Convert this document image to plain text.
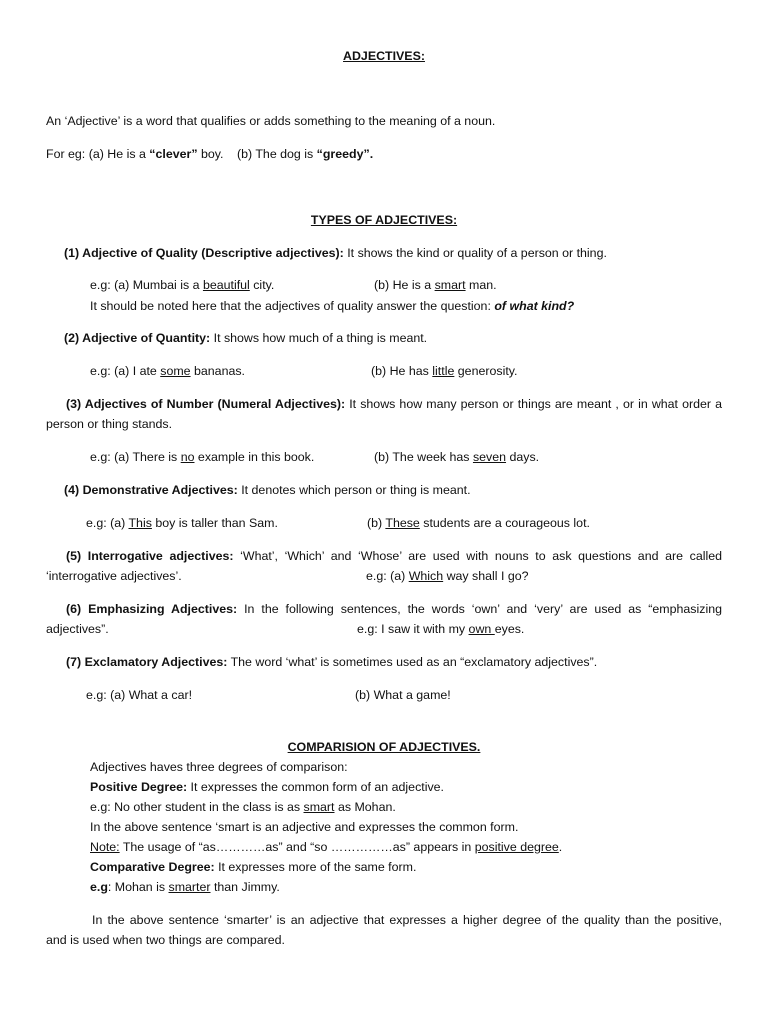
ADJECTIVES:
An ‘Adjective’ is a word that qualifies or adds something to the meaning of a noun.
For eg: (a) He is a “clever” boy. (b) The dog is “greedy”.
TYPES OF ADJECTIVES:
(1) Adjective of Quality (Descriptive adjectives): It shows the kind or quality of a person or thing.
e.g: (a) Mumbai is a beautiful city.	(b) He is a smart man.
It should be noted here that the adjectives of quality answer the question: of what kind?
(2) Adjective of Quantity: It shows how much of a thing is meant.
e.g: (a) I ate some bananas.	(b) He has little generosity.
(3) Adjectives of Number (Numeral Adjectives): It shows how many person or things are meant , or in what order a
person or thing stands.
e.g: (a) There is no example in this book.	(b) The week has seven days.
(4) Demonstrative Adjectives: It denotes which person or thing is meant.
e.g: (a) This boy is taller than Sam.	(b) These students are a courageous lot.
(5) Interrogative adjectives: ‘What’, ‘Which’ and ‘Whose’ are used with nouns to ask questions and are called
‘interrogative adjectives’.	e.g: (a) Which way shall I go?
(6) Emphasizing Adjectives: In the following sentences, the words ‘own’ and ‘very’ are used as “emphasizing
adjectives”.	e.g: I saw it with my own eyes.
(7) Exclamatory Adjectives: The word ‘what’ is sometimes used as an “exclamatory adjectives”.
e.g: (a) What a car!	(b) What a game!
COMPARISION OF ADJECTIVES.
Adjectives haves three degrees of comparison:
Positive Degree: It expresses the common form of an adjective.
e.g: No other student in the class is as smart as Mohan.
In the above sentence ‘smart is an adjective and expresses the common form.
Note: The usage of “as…………as” and “so ……………as” appears in positive degree.
Comparative Degree: It expresses more of the same form.
e.g: Mohan is smarter than Jimmy.
In the above sentence ‘smarter’ is an adjective that expresses a higher degree of the quality than the positive,
and is used when two things are compared.
